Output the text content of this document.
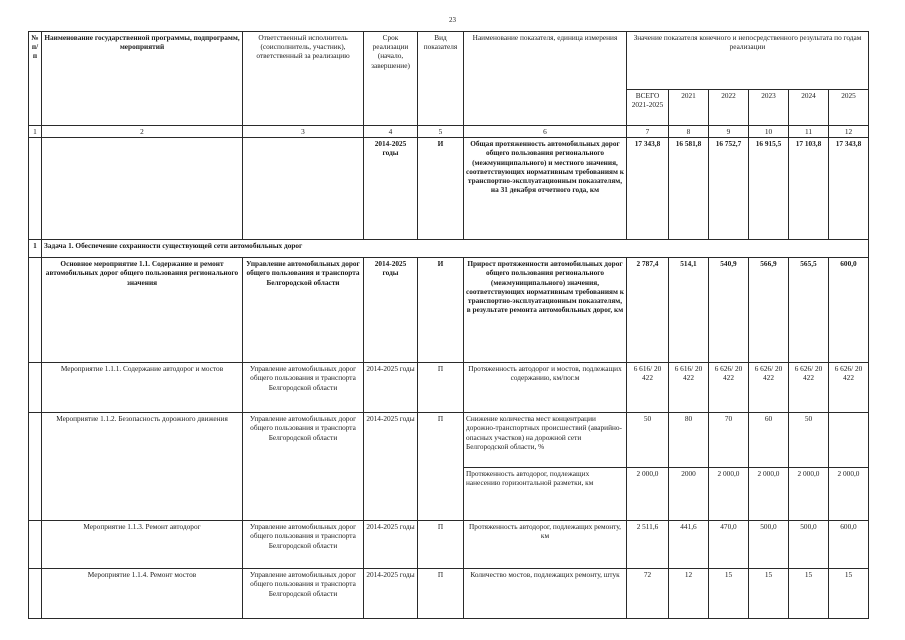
23
№ п/п	Наименование государственной программы, подпрограмм, мероприятий	Ответственный исполнитель (соисполнитель, участник), ответственный за реализацию	Срок реализации (начало, завершение)	Вид показателя	Наименование показателя, единица измерения	Значение показателя конечного и непосредственного результата по годам реализации					
						ВСЕГО 2021-2025	2021	2022	2023	2024	2025
1	2	3	4	5	6	7	8	9	10	11	12
			2014-2025 годы	И	Общая протяженность автомобильных дорог общего пользования регионального (межмуниципального) и местного значения, соответствующих нормативным требованиям к транспортно-эксплуатационным показателям, на 31 декабря отчетного года, км	17 343,8	16 581,8	16 752,7	16 915,5	17 103,8	17 343,8
1	Задача 1. Обеспечение сохранности существующей сети автомобильных дорог										
	Основное мероприятие 1.1. Содержание и ремонт автомобильных дорог общего пользования регионального значения	Управление автомобильных дорог общего пользования и транспорта Белгородской области	2014-2025 годы	И	Прирост протяженности автомобильных дорог общего пользования регионального (межмуниципального) значения, соответствующих нормативным требованиям к транспортно-эксплуатационным показателям, в результате ремонта автомобильных дорог, км	2 787,4	514,1	540,9	566,9	565,5	600,0
	Мероприятие 1.1.1. Содержание автодорог и мостов	Управление автомобильных дорог общего пользования и транспорта Белгородской области	2014-2025 годы	П	Протяженность автодорог и мостов, подлежащих содержанию, км/пог.м	6 616/ 20 422	6 616/ 20 422	6 626/ 20 422	6 626/ 20 422	6 626/ 20 422	6 626/ 20 422
	Мероприятие 1.1.2. Безопасность дорожного движения	Управление автомобильных дорог общего пользования и транспорта Белгородской области	2014-2025 годы	П	Снижение количества мест концентрации дорожно-транспортных происшествий (аварийно-опасных участков) на дорожной сети Белгородской области, %	50	80	70	60	50	
					Протяженность автодорог, подлежащих нанесению горизонтальной разметки, км	2 000,0	2000	2 000,0	2 000,0	2 000,0	2 000,0
	Мероприятие 1.1.3. Ремонт автодорог	Управление автомобильных дорог общего пользования и транспорта Белгородской области	2014-2025 годы	П	Протяженность автодорог, подлежащих ремонту, км	2 511,6	441,6	470,0	500,0	500,0	600,0
	Мероприятие 1.1.4. Ремонт мостов	Управление автомобильных дорог общего пользования и транспорта Белгородской области	2014-2025 годы	П	Количество мостов, подлежащих ремонту, штук	72	12	15	15	15	15
